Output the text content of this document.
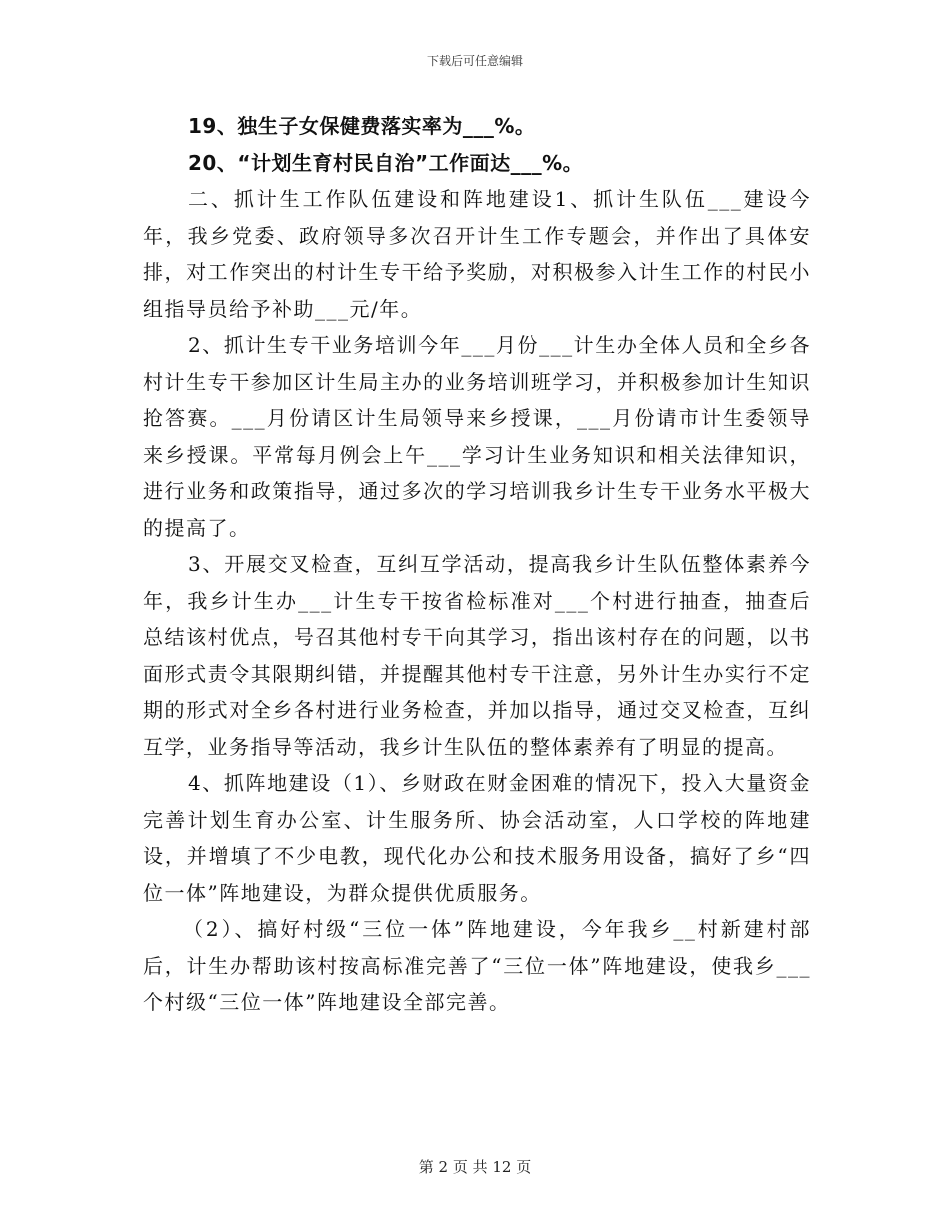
下载后可任意编辑

19、独生子女保健费落实率为___%。

20、“计划生育村民自治”工作面达___%。

二、抓计生工作队伍建设和阵地建设1、抓计生队伍___建设今年，我乡党委、政府领导多次召开计生工作专题会，并作出了具体安排，对工作突出的村计生专干给予奖励，对积极参入计生工作的村民小组指导员给予补助___元/年。

2、抓计生专干业务培训今年___月份___计生办全体人员和全乡各村计生专干参加区计生局主办的业务培训班学习，并积极参加计生知识抢答赛。___月份请区计生局领导来乡授课，___月份请市计生委领导来乡授课。平常每月例会上午___学习计生业务知识和相关法律知识，进行业务和政策指导，通过多次的学习培训我乡计生专干业务水平极大的提高了。

3、开展交叉检查，互纠互学活动，提高我乡计生队伍整体素养今年，我乡计生办___计生专干按省检标准对___个村进行抽查，抽查后总结该村优点，号召其他村专干向其学习，指出该村存在的问题，以书面形式责令其限期纠错，并提醒其他村专干注意，另外计生办实行不定期的形式对全乡各村进行业务检查，并加以指导，通过交叉检查，互纠互学，业务指导等活动，我乡计生队伍的整体素养有了明显的提高。

4、抓阵地建设（1）、乡财政在财金困难的情况下，投入大量资金完善计划生育办公室、计生服务所、协会活动室，人口学校的阵地建设，并增填了不少电教，现代化办公和技术服务用设备，搞好了乡“四位一体”阵地建设，为群众提供优质服务。

（2）、搞好村级“三位一体”阵地建设，今年我乡__村新建村部后，计生办帮助该村按高标准完善了“三位一体”阵地建设，使我乡___个村级“三位一体”阵地建设全部完善。

第 2 页 共 12 页
